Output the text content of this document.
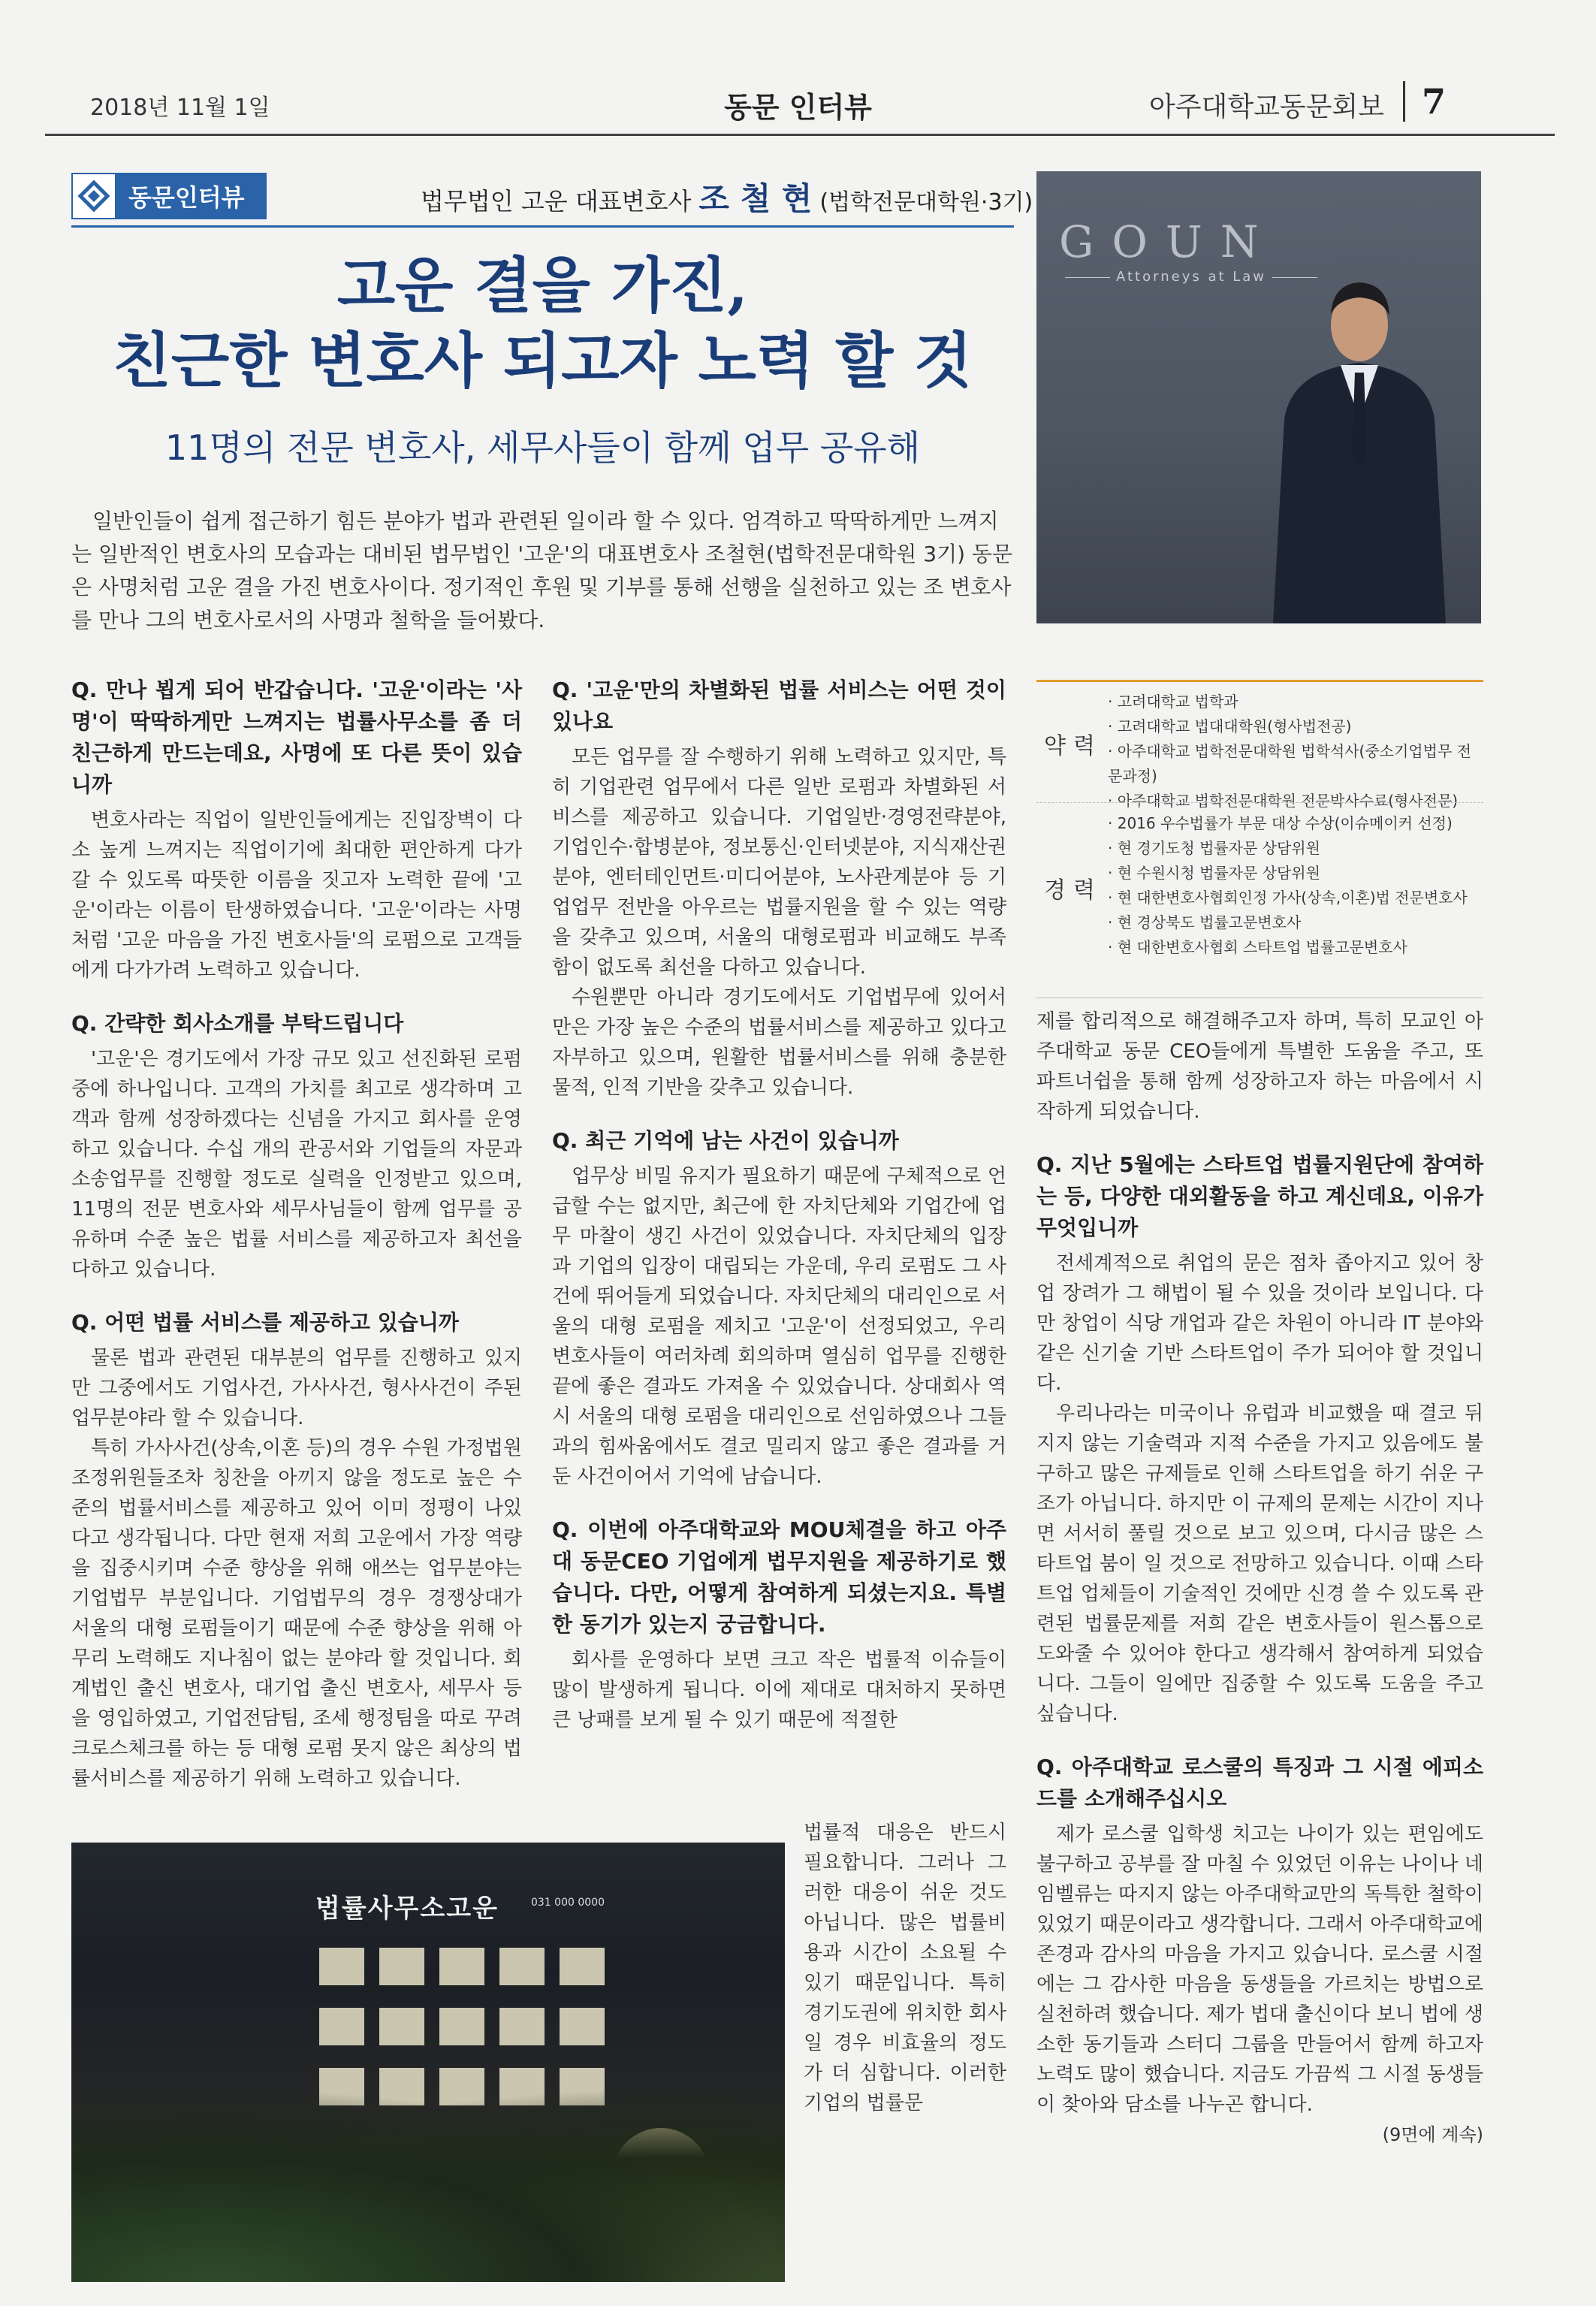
2018년 11월 1일	동문 인터뷰	아주대학교동문회보 7
동문인터뷰	법무법인 고운 대표변호사 조 철 현 (법학전문대학원·3기)
고운 결을 가진,
친근한 변호사 되고자 노력 할 것
11명의 전문 변호사, 세무사들이 함께 업무 공유해
일반인들이 쉽게 접근하기 힘든 분야가 법과 관련된 일이라 할 수 있다. 엄격하고 딱딱하게만 느껴지는 일반적인 변호사의 모습과는 대비된 법무법인 '고운'의 대표변호사 조철현(법학전문대학원 3기) 동문은 사명처럼 고운 결을 가진 변호사이다. 정기적인 후원 및 기부를 통해 선행을 실천하고 있는 조 변호사를 만나 그의 변호사로서의 사명과 철학을 들어봤다.
GOUN
Attorneys at Law
약력
· 고려대학교 법학과
· 고려대학교 법대대학원(형사법전공)
· 아주대학교 법학전문대학원 법학석사(중소기업법무 전문과정)
· 아주대학교 법학전문대학원 전문박사수료(형사전문)
경력
· 2016 우수법률가 부문 대상 수상(이슈메이커 선정)
· 현 경기도청 법률자문 상담위원
· 현 수원시청 법률자문 상담위원
· 현 대한변호사협회인정 가사(상속,이혼)법 전문변호사
· 현 경상북도 법률고문변호사
· 현 대한변호사협회 스타트업 법률고문변호사

Q. 만나 뵙게 되어 반갑습니다. '고운'이라는 '사명'이 딱딱하게만 느껴지는 법률사무소를 좀 더 친근하게 만드는데요, 사명에 또 다른 뜻이 있습니까

변호사라는 직업이 일반인들에게는 진입장벽이 다소 높게 느껴지는 직업이기에 최대한 편안하게 다가갈 수 있도록 따뜻한 이름을 짓고자 노력한 끝에 '고운'이라는 이름이 탄생하였습니다. '고운'이라는 사명처럼 '고운 마음을 가진 변호사들'의 로펌으로 고객들에게 다가가려 노력하고 있습니다.

Q. 간략한 회사소개를 부탁드립니다

'고운'은 경기도에서 가장 규모 있고 선진화된 로펌 중에 하나입니다. 고객의 가치를 최고로 생각하며 고객과 함께 성장하겠다는 신념을 가지고 회사를 운영하고 있습니다. 수십 개의 관공서와 기업들의 자문과 소송업무를 진행할 정도로 실력을 인정받고 있으며, 11명의 전문 변호사와 세무사님들이 함께 업무를 공유하며 수준 높은 법률 서비스를 제공하고자 최선을 다하고 있습니다.

Q. 어떤 법률 서비스를 제공하고 있습니까

물론 법과 관련된 대부분의 업무를 진행하고 있지만 그중에서도 기업사건, 가사사건, 형사사건이 주된 업무분야라 할 수 있습니다.

특히 가사사건(상속,이혼 등)의 경우 수원 가정법원 조정위원들조차 칭찬을 아끼지 않을 정도로 높은 수준의 법률서비스를 제공하고 있어 이미 정평이 나있다고 생각됩니다. 다만 현재 저희 고운에서 가장 역량을 집중시키며 수준 향상을 위해 애쓰는 업무분야는 기업법무 부분입니다. 기업법무의 경우 경쟁상대가 서울의 대형 로펌들이기 때문에 수준 향상을 위해 아무리 노력해도 지나침이 없는 분야라 할 것입니다. 회계법인 출신 변호사, 대기업 출신 변호사, 세무사 등을 영입하였고, 기업전담팀, 조세 행정팀을 따로 꾸려 크로스체크를 하는 등 대형 로펌 못지 않은 최상의 법률서비스를 제공하기 위해 노력하고 있습니다.

Q. '고운'만의 차별화된 법률 서비스는 어떤 것이 있나요

모든 업무를 잘 수행하기 위해 노력하고 있지만, 특히 기업관련 업무에서 다른 일반 로펌과 차별화된 서비스를 제공하고 있습니다. 기업일반·경영전략분야, 기업인수·합병분야, 정보통신·인터넷분야, 지식재산권분야, 엔터테인먼트·미디어분야, 노사관계분야 등 기업업무 전반을 아우르는 법률지원을 할 수 있는 역량을 갖추고 있으며, 서울의 대형로펌과 비교해도 부족함이 없도록 최선을 다하고 있습니다.

수원뿐만 아니라 경기도에서도 기업법무에 있어서만은 가장 높은 수준의 법률서비스를 제공하고 있다고 자부하고 있으며, 원활한 법률서비스를 위해 충분한 물적, 인적 기반을 갖추고 있습니다.

Q. 최근 기억에 남는 사건이 있습니까

업무상 비밀 유지가 필요하기 때문에 구체적으로 언급할 수는 없지만, 최근에 한 자치단체와 기업간에 업무 마찰이 생긴 사건이 있었습니다. 자치단체의 입장과 기업의 입장이 대립되는 가운데, 우리 로펌도 그 사건에 뛰어들게 되었습니다. 자치단체의 대리인으로 서울의 대형 로펌을 제치고 '고운'이 선정되었고, 우리 변호사들이 여러차례 회의하며 열심히 업무를 진행한 끝에 좋은 결과도 가져올 수 있었습니다. 상대회사 역시 서울의 대형 로펌을 대리인으로 선임하였으나 그들과의 힘싸움에서도 결코 밀리지 않고 좋은 결과를 거둔 사건이어서 기억에 남습니다.

Q. 이번에 아주대학교와 MOU체결을 하고 아주대 동문CEO 기업에게 법무지원을 제공하기로 했습니다. 다만, 어떻게 참여하게 되셨는지요. 특별한 동기가 있는지 궁금합니다.

회사를 운영하다 보면 크고 작은 법률적 이슈들이 많이 발생하게 됩니다. 이에 제대로 대처하지 못하면 큰 낭패를 보게 될 수 있기 때문에 적절한

법률적 대응은 반드시 필요합니다. 그러나 그러한 대응이 쉬운 것도 아닙니다. 많은 법률비용과 시간이 소요될 수 있기 때문입니다. 특히 경기도권에 위치한 회사일 경우 비효율의 정도가 더 심합니다. 이러한 기업의 법률문

법률사무소고운	031 000 0000

제를 합리적으로 해결해주고자 하며, 특히 모교인 아주대학교 동문 CEO들에게 특별한 도움을 주고, 또 파트너쉽을 통해 함께 성장하고자 하는 마음에서 시작하게 되었습니다.

Q. 지난 5월에는 스타트업 법률지원단에 참여하는 등, 다양한 대외활동을 하고 계신데요, 이유가 무엇입니까

전세계적으로 취업의 문은 점차 좁아지고 있어 창업 장려가 그 해법이 될 수 있을 것이라 보입니다. 다만 창업이 식당 개업과 같은 차원이 아니라 IT 분야와 같은 신기술 기반 스타트업이 주가 되어야 할 것입니다.

우리나라는 미국이나 유럽과 비교했을 때 결코 뒤지지 않는 기술력과 지적 수준을 가지고 있음에도 불구하고 많은 규제들로 인해 스타트업을 하기 쉬운 구조가 아닙니다. 하지만 이 규제의 문제는 시간이 지나면 서서히 풀릴 것으로 보고 있으며, 다시금 많은 스타트업 붐이 일 것으로 전망하고 있습니다. 이때 스타트업 업체들이 기술적인 것에만 신경 쓸 수 있도록 관련된 법률문제를 저희 같은 변호사들이 원스톱으로 도와줄 수 있어야 한다고 생각해서 참여하게 되었습니다. 그들이 일에만 집중할 수 있도록 도움을 주고 싶습니다.

Q. 아주대학교 로스쿨의 특징과 그 시절 에피소드를 소개해주십시오

제가 로스쿨 입학생 치고는 나이가 있는 편임에도 불구하고 공부를 잘 마칠 수 있었던 이유는 나이나 네임벨류는 따지지 않는 아주대학교만의 독특한 철학이 있었기 때문이라고 생각합니다. 그래서 아주대학교에 존경과 감사의 마음을 가지고 있습니다. 로스쿨 시절에는 그 감사한 마음을 동생들을 가르치는 방법으로 실천하려 했습니다. 제가 법대 출신이다 보니 법에 생소한 동기들과 스터디 그룹을 만들어서 함께 하고자 노력도 많이 했습니다. 지금도 가끔씩 그 시절 동생들이 찾아와 담소를 나누곤 합니다.

(9면에 계속)
